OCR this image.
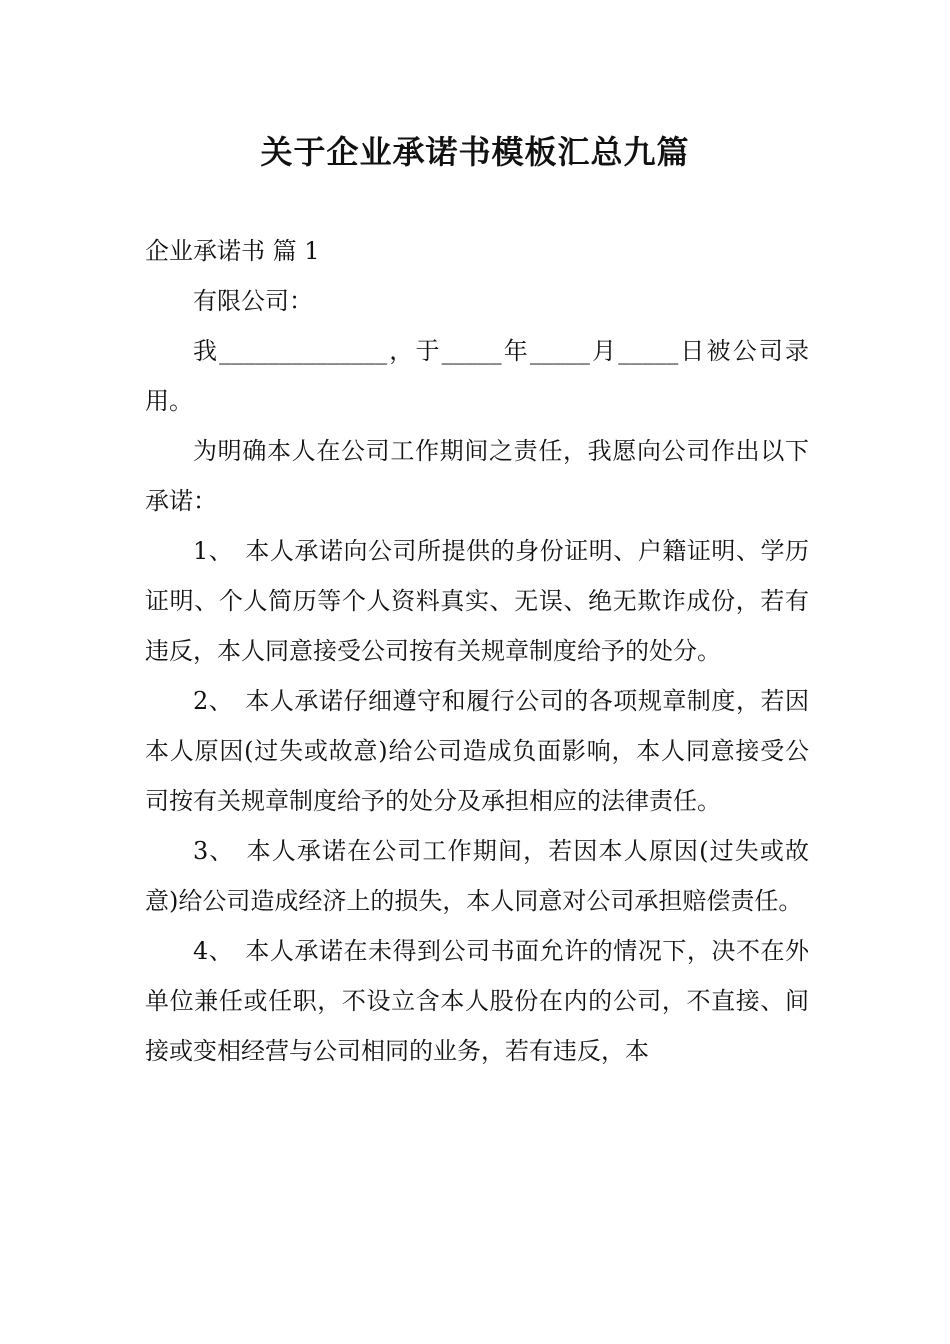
关于企业承诺书模板汇总九篇

企业承诺书 篇 1

有限公司：

我______________，于_____年_____月_____日被公司录用。

为明确本人在公司工作期间之责任，我愿向公司作出以下承诺：

1、 本人承诺向公司所提供的身份证明、户籍证明、学历证明、个人简历等个人资料真实、无误、绝无欺诈成份，若有违反，本人同意接受公司按有关规章制度给予的处分。

2、 本人承诺仔细遵守和履行公司的各项规章制度，若因本人原因(过失或故意)给公司造成负面影响，本人同意接受公司按有关规章制度给予的处分及承担相应的法律责任。

3、 本人承诺在公司工作期间，若因本人原因(过失或故意)给公司造成经济上的损失，本人同意对公司承担赔偿责任。

4、 本人承诺在未得到公司书面允许的情况下，决不在外单位兼任或任职，不设立含本人股份在内的公司，不直接、间接或变相经营与公司相同的业务，若有违反，本
